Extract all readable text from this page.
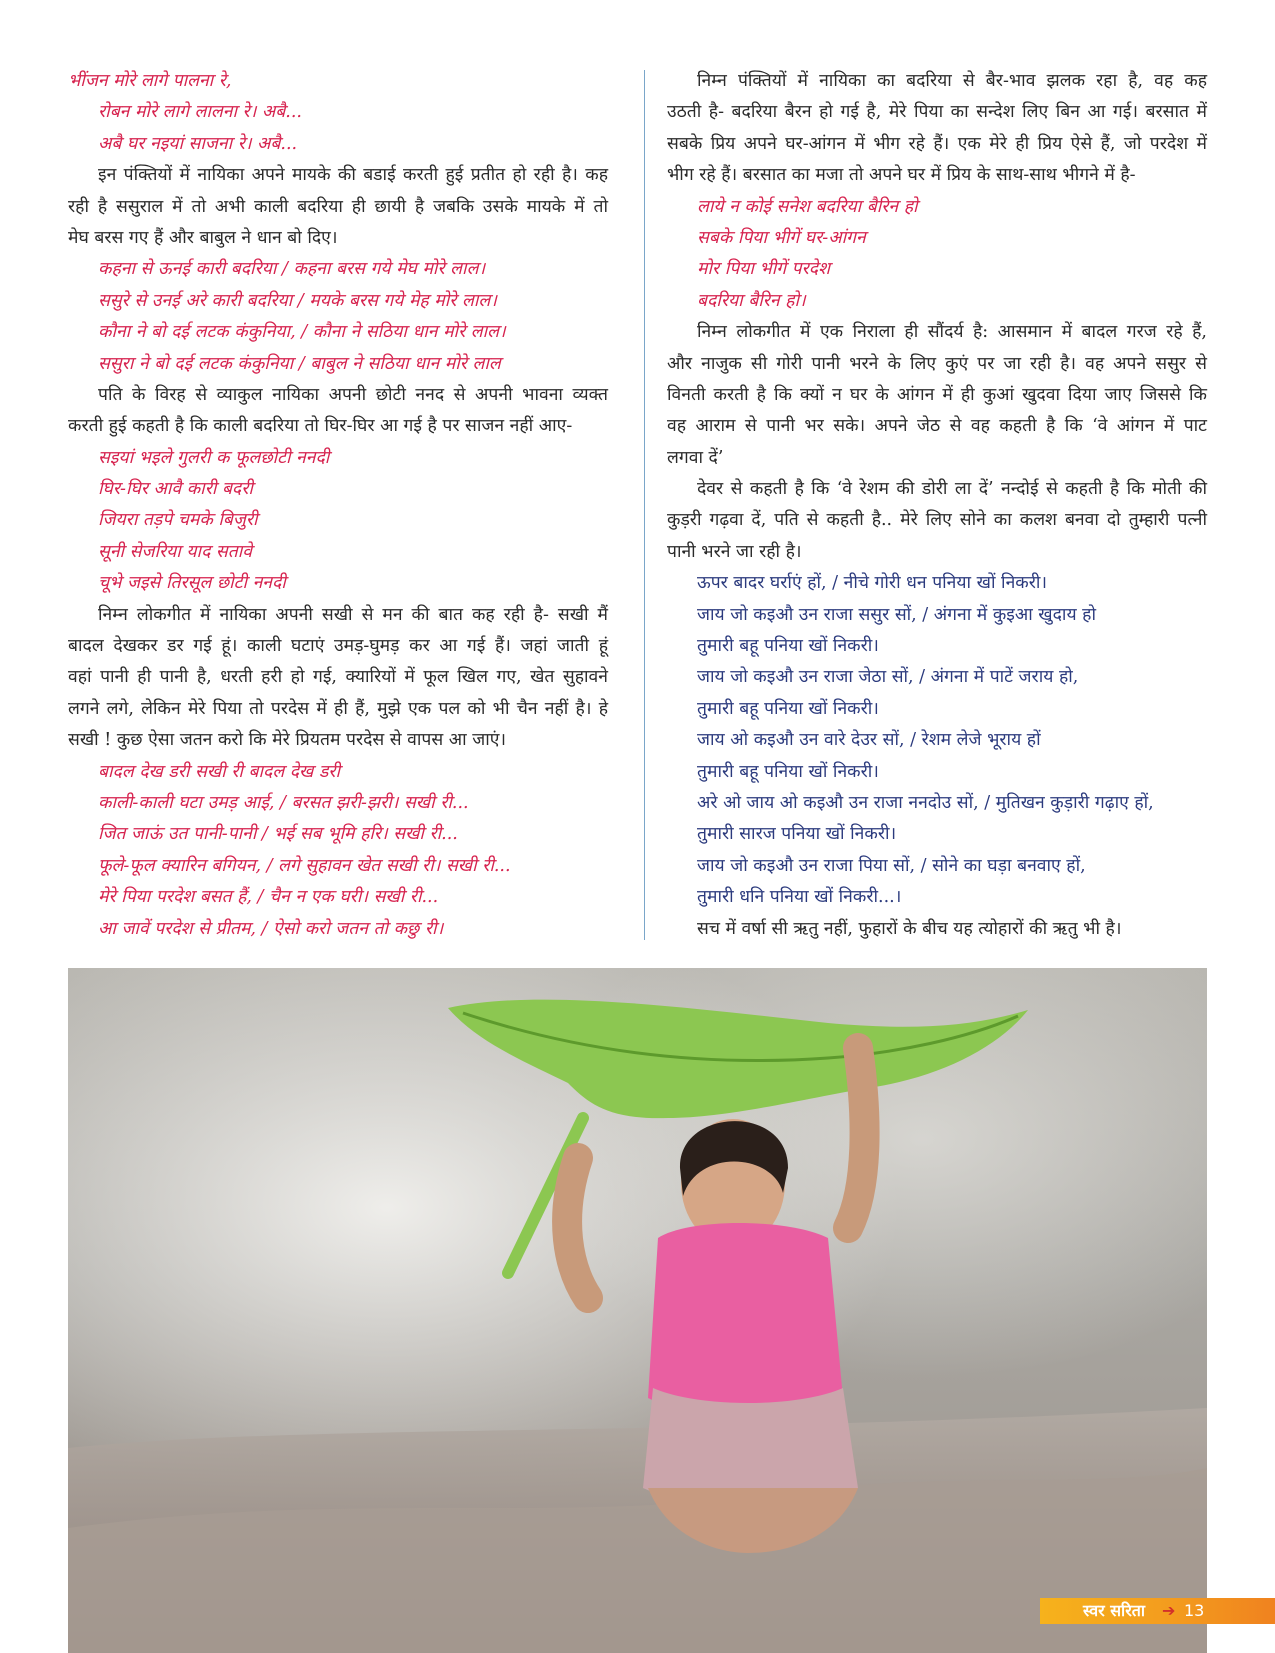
भींजन मोरे लागे पालना रे,
रोबन मोरे लागे लालना रे। अबै...
अबै घर नइयां साजना रे। अबै...
इन पंक्तियों में नायिका अपने मायके की बडाई करती हुई प्रतीत हो रही है। कह
रही है ससुराल में तो अभी काली बदरिया ही छायी है जबकि उसके मायके में तो
मेघ बरस गए हैं और बाबुल ने धान बो दिए।
कहना से ऊनई कारी बदरिया / कहना बरस गये मेघ मोरे लाल।
ससुरे से उनई अरे कारी बदरिया / मयके बरस गये मेह मोरे लाल।
कौना ने बो दई लटक कंकुनिया, / कौना ने सठिया धान मोरे लाल।
ससुरा ने बो दई लटक कंकुनिया / बाबुल ने सठिया धान मोरे लाल
पति के विरह से व्याकुल नायिका अपनी छोटी ननद से अपनी भावना व्यक्त
करती हुई कहती है कि काली बदरिया तो घिर-घिर आ गई है पर साजन नहीं आए-
सइयां भइले गुलरी क फूलछोटी ननदी
घिर-घिर आवै कारी बदरी
जियरा तड़पे चमके बिजुरी
सूनी सेजरिया याद सतावे
चूभे जइसे तिरसूल छोटी ननदी
निम्न लोकगीत में नायिका अपनी सखी से मन की बात कह रही है- सखी मैं
बादल देखकर डर गई हूं। काली घटाएं उमड़-घुमड़ कर आ गई हैं। जहां जाती हूं
वहां पानी ही पानी है, धरती हरी हो गई, क्यारियों में फूल खिल गए, खेत सुहावने
लगने लगे, लेकिन मेरे पिया तो परदेस में ही हैं, मुझे एक पल को भी चैन नहीं है। हे
सखी ! कुछ ऐसा जतन करो कि मेरे प्रियतम परदेस से वापस आ जाएं।
बादल देख डरी सखी री बादल देख डरी
काली-काली घटा उमड़ आई, / बरसत झरी-झरी। सखी री...
जित जाऊं उत पानी-पानी / भई सब भूमि हरि। सखी री...
फूले-फूल क्यारिन बगियन, / लगे सुहावन खेत सखी री। सखी री...
मेरे पिया परदेश बसत हैं, / चैन न एक घरी। सखी री...
आ जावें परदेश से प्रीतम, / ऐसो करो जतन तो कछु री।
निम्न पंक्तियों में नायिका का बदरिया से बैर-भाव झलक रहा है, वह कह
उठती है- बदरिया बैरन हो गई है, मेरे पिया का सन्देश लिए बिन आ गई। बरसात में
सबके प्रिय अपने घर-आंगन में भीग रहे हैं। एक मेरे ही प्रिय ऐसे हैं, जो परदेश में
भीग रहे हैं। बरसात का मजा तो अपने घर में प्रिय के साथ-साथ भीगने में है-
लाये न कोई सनेश बदरिया बैरिन हो
सबके पिया भीगें घर-आंगन
मोर पिया भीगें परदेश
बदरिया बैरिन हो।
निम्न लोकगीत में एक निराला ही सौंदर्य है: आसमान में बादल गरज रहे हैं,
और नाजुक सी गोरी पानी भरने के लिए कुएं पर जा रही है। वह अपने ससुर से
विनती करती है कि क्यों न घर के आंगन में ही कुआं खुदवा दिया जाए जिससे कि
वह आराम से पानी भर सके। अपने जेठ से वह कहती है कि ‘वे आंगन में पाट
लगवा दें’
देवर से कहती है कि ‘वे रेशम की डोरी ला दें’ नन्दोई से कहती है कि मोती की
कुड़री गढ़वा दें, पति से कहती है.. मेरे लिए सोने का कलश बनवा दो तुम्हारी पत्नी
पानी भरने जा रही है।
ऊपर बादर घर्राएं हों, / नीचे गोरी धन पनिया खों निकरी।
जाय जो कइऔ उन राजा ससुर सों, / अंगना में कुइआ खुदाय हो
तुमारी बहू पनिया खों निकरी।
जाय जो कइऔ उन राजा जेठा सों, / अंगना में पाटें जराय हो,
तुमारी बहू पनिया खों निकरी।
जाय ओ कइऔ उन वारे देउर सों, / रेशम लेजे भूराय हों
तुमारी बहू पनिया खों निकरी।
अरे ओ जाय ओ कइऔ उन राजा ननदोउ सों, / मुतिखन कुड़ारी गढ़ाए हों,
तुमारी सारज पनिया खों निकरी।
जाय जो कइऔ उन राजा पिया सों, / सोने का घड़ा बनवाए हों,
तुमारी धनि पनिया खों निकरी...।
सच में वर्षा सी ऋतु नहीं, फुहारों के बीच यह त्योहारों की ऋतु भी है।
स्वर सरिता ➔ 13
